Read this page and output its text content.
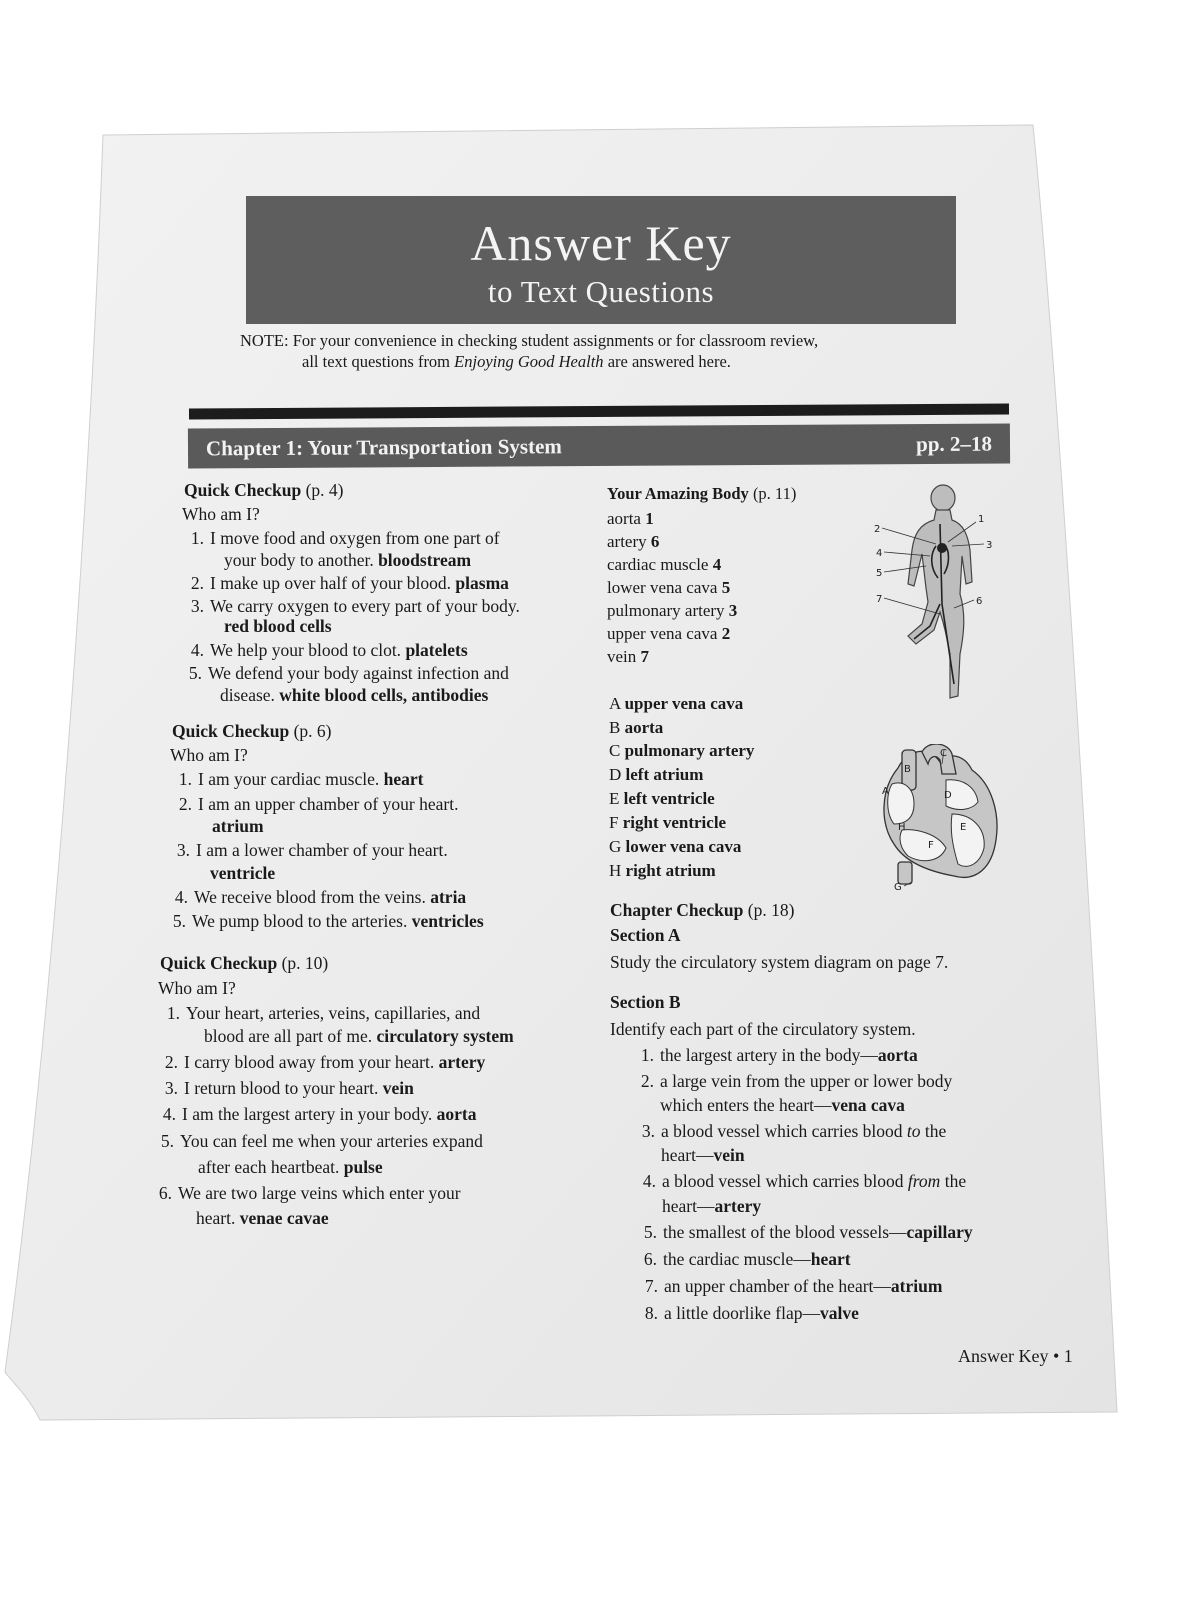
Answer Key
to Text Questions
NOTE: For your convenience in checking student assignments or for classroom review,
all text questions from Enjoying Good Health are answered here.
Chapter 1: Your Transportation System	pp. 2–18
Quick Checkup (p. 4)
Who am I?
1. I move food and oxygen from one part of
your body to another. bloodstream
2. I make up over half of your blood. plasma
3. We carry oxygen to every part of your body.
red blood cells
4. We help your blood to clot. platelets
5. We defend your body against infection and
disease. white blood cells, antibodies
Quick Checkup (p. 6)
Who am I?
1. I am your cardiac muscle. heart
2. I am an upper chamber of your heart.
atrium
3. I am a lower chamber of your heart.
ventricle
4. We receive blood from the veins. atria
5. We pump blood to the arteries. ventricles
Quick Checkup (p. 10)
Who am I?
1. Your heart, arteries, veins, capillaries, and
blood are all part of me. circulatory system
2. I carry blood away from your heart. artery
3. I return blood to your heart. vein
4. I am the largest artery in your body. aorta
5. You can feel me when your arteries expand
after each heartbeat. pulse
6. We are two large veins which enter your
heart. venae cavae
Your Amazing Body (p. 11)
aorta 1
artery 6
cardiac muscle 4
lower vena cava 5
pulmonary artery 3
upper vena cava 2
vein 7
2
4
5
7
1
3
6
A upper vena cava
B aorta
C pulmonary artery
D left atrium
E left ventricle
F right ventricle
G lower vena cava
H right atrium
A
B
C
D
E
F
G
H
Chapter Checkup (p. 18)
Section A
Study the circulatory system diagram on page 7.
Section B
Identify each part of the circulatory system.
1. the largest artery in the body—aorta
2. a large vein from the upper or lower body
which enters the heart—vena cava
3. a blood vessel which carries blood to the
heart—vein
4. a blood vessel which carries blood from the
heart—artery
5. the smallest of the blood vessels—capillary
6. the cardiac muscle—heart
7. an upper chamber of the heart—atrium
8. a little doorlike flap—valve
Answer Key • 1
